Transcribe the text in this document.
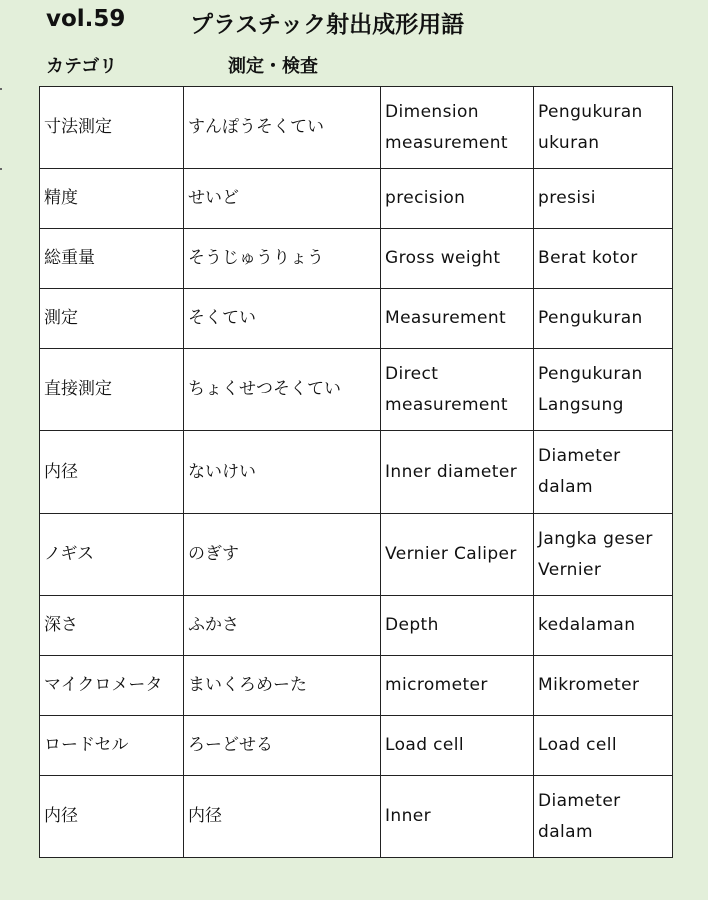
vol.59	プラスチック射出成形用語
カテゴリ	測定・検査
寸法測定	すんぽうそくてい	Dimension measurement	Pengukuran ukuran
精度	せいど	precision	presisi
総重量	そうじゅうりょう	Gross weight	Berat kotor
測定	そくてい	Measurement	Pengukuran
直接測定	ちょくせつそくてい	Direct measurement	Pengukuran Langsung
内径	ないけい	Inner diameter	Diameter dalam
ノギス	のぎす	Vernier Caliper	Jangka geser Vernier
深さ	ふかさ	Depth	kedalaman
マイクロメータ	まいくろめーた	micrometer	Mikrometer
ロードセル	ろーどせる	Load cell	Load cell
内径	内径	Inner	Diameter dalam
